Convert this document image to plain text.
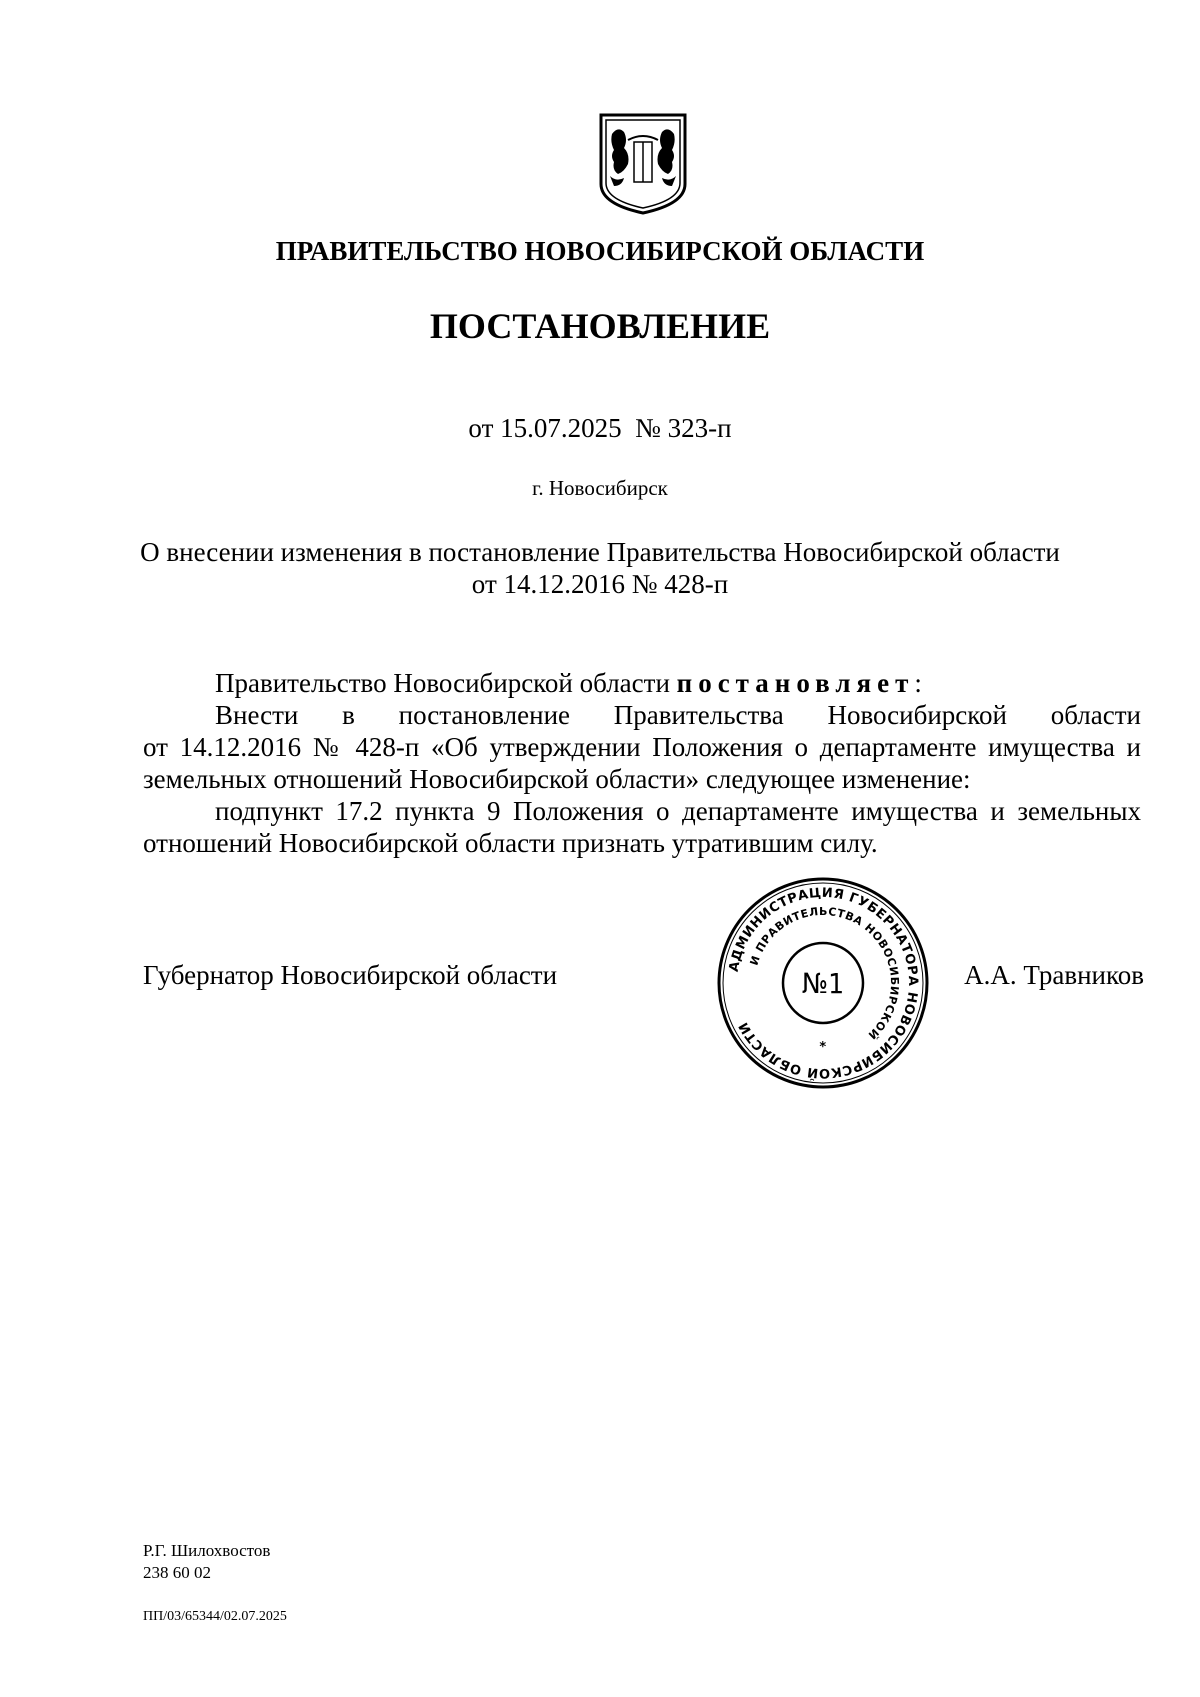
ПРАВИТЕЛЬСТВО НОВОСИБИРСКОЙ ОБЛАСТИ
ПОСТАНОВЛЕНИЕ
от 15.07.2025  № 323-п
г. Новосибирск
О внесении изменения в постановление Правительства Новосибирской области
от 14.12.2016 № 428-п
Правительство Новосибирской области постановляет:
Внести в постановление Правительства Новосибирской области
от 14.12.2016 № 428-п «Об утверждении Положения о департаменте имущества и земельных отношений Новосибирской области» следующее изменение:
подпункт 17.2 пункта 9 Положения о департаменте имущества и земельных отношений Новосибирской области признать утратившим силу.
Губернатор Новосибирской области	АДМИНИСТРАЦИЯ ГУБЕРНАТОРА НОВОСИБИРСКОЙ ОБЛАСТИ
И ПРАВИТЕЛЬСТВА НОВОСИБИРСКОЙ
№1
*
А.А. Травников
Р.Г. Шилохвостов
238 60 02
ПП/03/65344/02.07.2025
